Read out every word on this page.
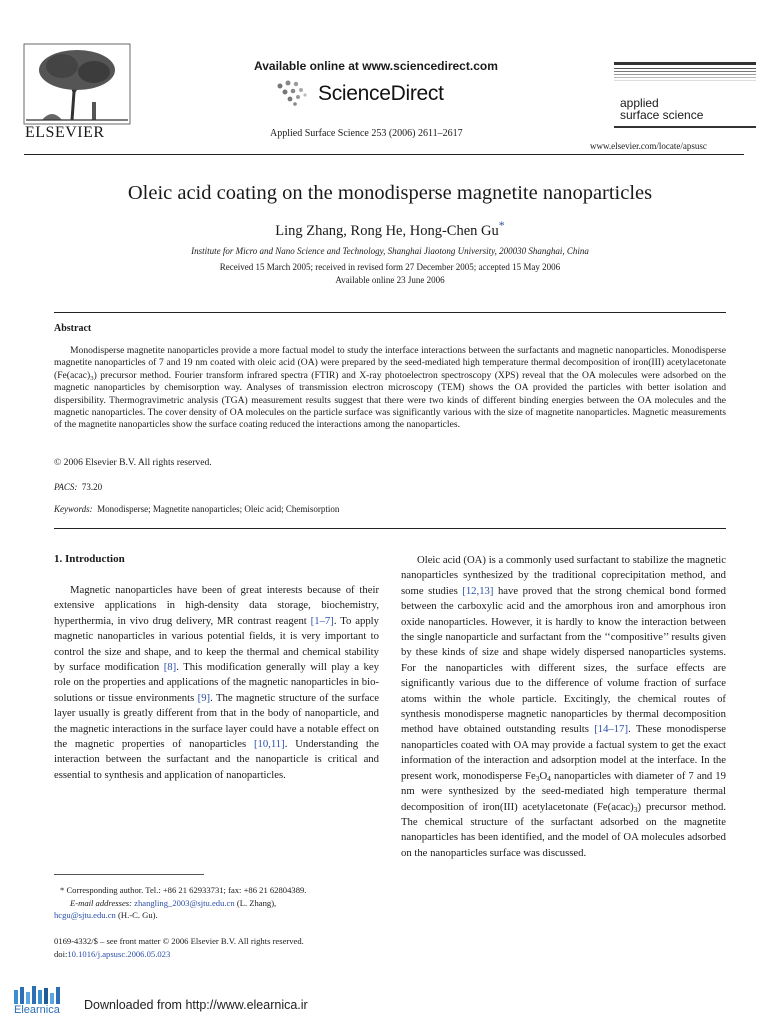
ELSEVIER
Available online at www.sciencedirect.com
ScienceDirect
Applied Surface Science 253 (2006) 2611–2617
applied
surface science
www.elsevier.com/locate/apsusc
Oleic acid coating on the monodisperse magnetite nanoparticles
Ling Zhang, Rong He, Hong-Chen Gu*
Institute for Micro and Nano Science and Technology, Shanghai Jiaotong University, 200030 Shanghai, China
Received 15 March 2005; received in revised form 27 December 2005; accepted 15 May 2006
Available online 23 June 2006
Abstract
Monodisperse magnetite nanoparticles provide a more factual model to study the interface interactions between the surfactants and magnetic nanoparticles. Monodisperse magnetite nanoparticles of 7 and 19 nm coated with oleic acid (OA) were prepared by the seed-mediated high temperature thermal decomposition of iron(III) acetylacetonate $(Fe(acac)_3)$ precursor method. Fourier transform infrared spectra (FTIR) and X-ray photoelectron spectroscopy (XPS) reveal that the OA molecules were adsorbed on the magnetic nanoparticles by chemisorption way. Analyses of transmission electron microscopy (TEM) shows the OA provided the particles with better isolation and dispersibility. Thermogravimetric analysis (TGA) measurement results suggest that there were two kinds of different binding energies between the OA molecules and the magnetic nanoparticles. The cover density of OA molecules on the particle surface was significantly various with the size of magnetite nanoparticles. Magnetic measurements of the magnetite nanoparticles show the surface coating reduced the interactions among the nanoparticles.
© 2006 Elsevier B.V. All rights reserved.
PACS: 73.20
Keywords: Monodisperse; Magnetite nanoparticles; Oleic acid; Chemisorption
1. Introduction

Magnetic nanoparticles have been of great interests because of their extensive applications in high-density data storage, biochemistry, hyperthermia, in vivo drug delivery, MR contrast reagent [1–7]. To apply magnetic nanoparticles in various potential fields, it is very important to control the size and shape, and to keep the thermal and chemical stability by surface modification [8]. This modification generally will play a key role on the properties and applications of the magnetic nanoparticles in bio-solutions or tissue environments [9]. The magnetic structure of the surface layer usually is greatly different from that in the body of nanoparticle, and the magnetic interactions in the surface layer could have a notable effect on the magnetic properties of nanoparticles [10,11]. Understanding the interaction between the surfactant and the nanoparticle is critical and essential to synthesis and application of nanoparticles.

Oleic acid (OA) is a commonly used surfactant to stabilize the magnetic nanoparticles synthesized by the traditional coprecipitation method, and some studies [12,13] have proved that the strong chemical bond formed between the carboxylic acid and the amorphous iron and amorphous iron oxide nanoparticles. However, it is hardly to know the interaction between the single nanoparticle and surfactant from the ‘‘compositive’’ results given by these kinds of size and shape widely dispersed nanoparticles systems. For the nanoparticles with different sizes, the surface effects are significantly various due to the difference of volume fraction of surface atoms within the whole particle. Excitingly, the chemical routes of synthesis monodisperse magnetic nanoparticles by thermal decomposition method have obtained outstanding results [14–17]. These monodisperse nanoparticles coated with OA may provide a factual system to get the exact information of the interaction and adsorption model at the interface. In the present work, monodisperse $Fe_3O_4$ nanoparticles with diameter of 7 and 19 nm were synthesized by the seed-mediated high temperature thermal decomposition of iron(III) acetylacetonate $(Fe(acac)_3)$ precursor method. The chemical structure of the surfactant adsorbed on the magnetite nanoparticles has been identified, and the model of OA molecules adsorbed on the nanoparticles surface was discussed.

* Corresponding author. Tel.: +86 21 62933731; fax: +86 21 62804389.
E-mail addresses: zhangling_2003@sjtu.edu.cn (L. Zhang),
hcgu@sjtu.edu.cn (H.-C. Gu).
0169-4332/$ – see front matter © 2006 Elsevier B.V. All rights reserved.
doi:10.1016/j.apsusc.2006.05.023
Elearnica Downloaded from http://www.elearnica.ir
